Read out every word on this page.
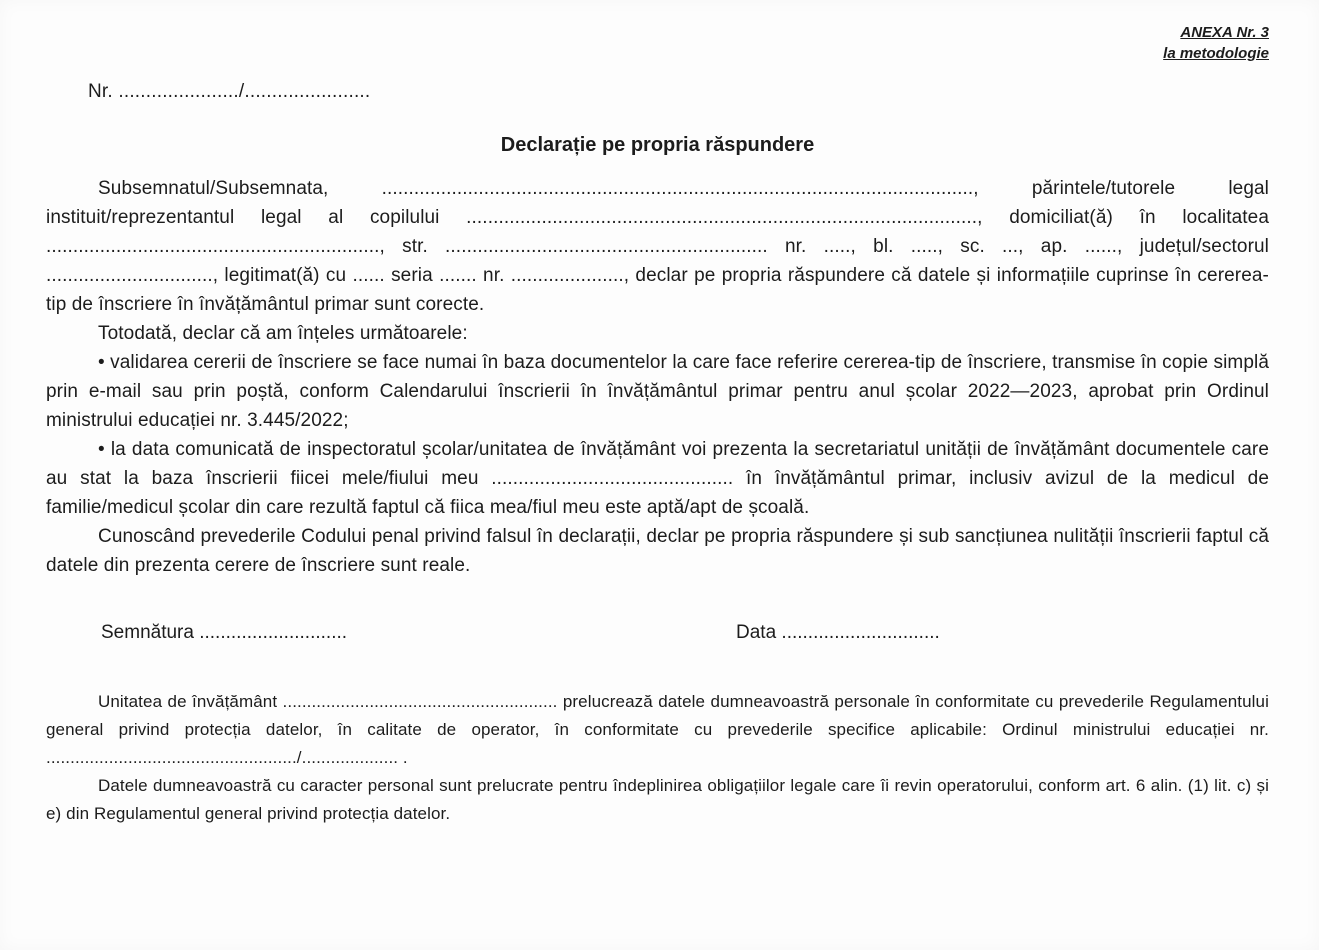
ANEXA Nr. 3
la metodologie
Nr. ....................../.......................
Declarație pe propria răspundere

Subsemnatul/Subsemnata, .............................................................................................................., părintele/tutorele legal instituit/reprezentantul legal al copilului ..............................................................................................., domiciliat(ă) în localitatea .............................................................., str. ............................................................ nr. ....., bl. ....., sc. ..., ap. ......, județul/sectorul ..............................., legitimat(ă) cu ...... seria ....... nr. ....................., declar pe propria răspundere că datele și informațiile cuprinse în cererea-tip de înscriere în învățământul primar sunt corecte.

Totodată, declar că am înțeles următoarele:

• validarea cererii de înscriere se face numai în baza documentelor la care face referire cererea-tip de înscriere, transmise în copie simplă prin e-mail sau prin poștă, conform Calendarului înscrierii în învățământul primar pentru anul școlar 2022—2023, aprobat prin Ordinul ministrului educației nr. 3.445/2022;

• la data comunicată de inspectoratul școlar/unitatea de învățământ voi prezenta la secretariatul unității de învățământ documentele care au stat la baza înscrierii fiicei mele/fiului meu ............................................. în învățământul primar, inclusiv avizul de la medicul de familie/medicul școlar din care rezultă faptul că fiica mea/fiul meu este aptă/apt de școală.

Cunoscând prevederile Codului penal privind falsul în declarații, declar pe propria răspundere și sub sancțiunea nulității înscrierii faptul că datele din prezenta cerere de înscriere sunt reale.

Semnătura ............................	Data ..............................

Unitatea de învățământ ......................................................... prelucrează datele dumneavoastră personale în conformitate cu prevederile Regulamentului general privind protecția datelor, în calitate de operator, în conformitate cu prevederile specifice aplicabile: Ordinul ministrului educației nr. ..................................................../.................... .

Datele dumneavoastră cu caracter personal sunt prelucrate pentru îndeplinirea obligațiilor legale care îi revin operatorului, conform art. 6 alin. (1) lit. c) și e) din Regulamentul general privind protecția datelor.
